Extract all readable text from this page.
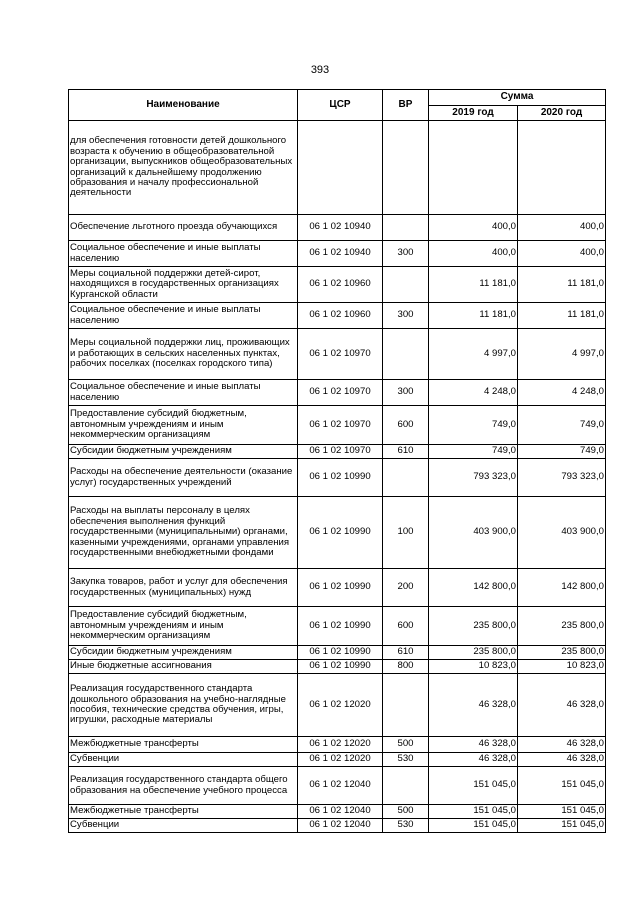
393
Наименование	ЦСР	ВР	Сумма	
			2019 год	2020 год
для обеспечения готовности детей дошкольного возраста к обучению в общеобразовательной организации, выпускников общеобразовательных организаций к дальнейшему продолжению образования и началу профессиональной деятельности				
Обеспечение льготного проезда обучающихся	06 1 02 10940		400,0	400,0
Социальное обеспечение и иные выплаты населению	06 1 02 10940	300	400,0	400,0
Меры социальной поддержки детей-сирот, находящихся в государственных организациях Курганской области	06 1 02 10960		11 181,0	11 181,0
Социальное обеспечение и иные выплаты населению	06 1 02 10960	300	11 181,0	11 181,0
Меры социальной поддержки лиц, проживающих и работающих в сельских населенных пунктах, рабочих поселках (поселках городского типа)	06 1 02 10970		4 997,0	4 997,0
Социальное обеспечение и иные выплаты населению	06 1 02 10970	300	4 248,0	4 248,0
Предоставление субсидий бюджетным, автономным учреждениям и иным некоммерческим организациям	06 1 02 10970	600	749,0	749,0
Субсидии бюджетным учреждениям	06 1 02 10970	610	749,0	749,0
Расходы на обеспечение деятельности (оказание услуг) государственных учреждений	06 1 02 10990		793 323,0	793 323,0
Расходы на выплаты персоналу в целях обеспечения выполнения функций государственными (муниципальными) органами, казенными учреждениями, органами управления государственными внебюджетными фондами	06 1 02 10990	100	403 900,0	403 900,0
Закупка товаров, работ и услуг для обеспечения государственных (муниципальных) нужд	06 1 02 10990	200	142 800,0	142 800,0
Предоставление субсидий бюджетным, автономным учреждениям и иным некоммерческим организациям	06 1 02 10990	600	235 800,0	235 800,0
Субсидии бюджетным учреждениям	06 1 02 10990	610	235 800,0	235 800,0
Иные бюджетные ассигнования	06 1 02 10990	800	10 823,0	10 823,0
Реализация государственного стандарта дошкольного образования на учебно-наглядные пособия, технические средства обучения, игры, игрушки, расходные материалы	06 1 02 12020		46 328,0	46 328,0
Межбюджетные трансферты	06 1 02 12020	500	46 328,0	46 328,0
Субвенции	06 1 02 12020	530	46 328,0	46 328,0
Реализация государственного стандарта общего образования на обеспечение учебного процесса	06 1 02 12040		151 045,0	151 045,0
Межбюджетные трансферты	06 1 02 12040	500	151 045,0	151 045,0
Субвенции	06 1 02 12040	530	151 045,0	151 045,0
